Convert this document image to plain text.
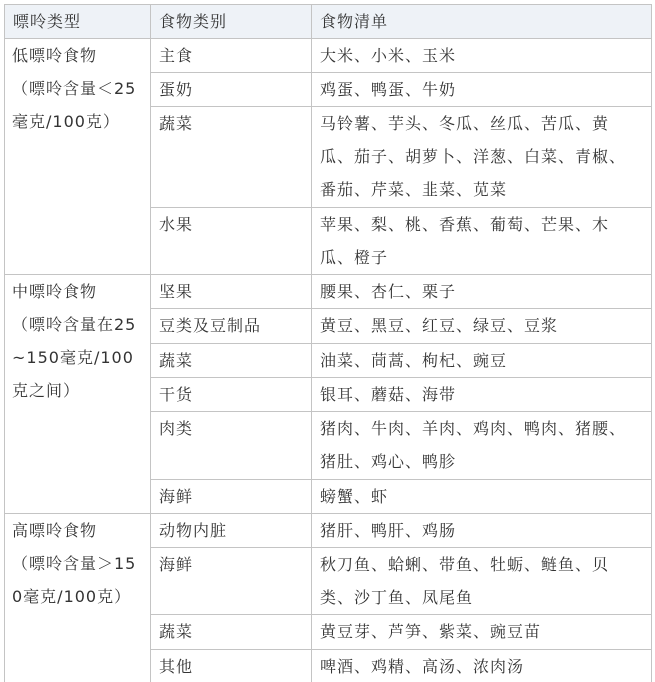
嘌呤类型	食物类别	食物清单

低嘌呤食物
（嘌呤含量＜25
毫克/100克）	主食	大米、小米、玉米

	蛋奶	鸡蛋、鸭蛋、牛奶

	蔬菜	马铃薯、芋头、冬瓜、丝瓜、苦瓜、黄
瓜、茄子、胡萝卜、洋葱、白菜、青椒、
番茄、芹菜、韭菜、苋菜

	水果	苹果、梨、桃、香蕉、葡萄、芒果、木
瓜、橙子

中嘌呤食物
（嘌呤含量在25
~150毫克/100
克之间）	坚果	腰果、杏仁、栗子

	豆类及豆制品	黄豆、黑豆、红豆、绿豆、豆浆

	蔬菜	油菜、茼蒿、枸杞、豌豆

	干货	银耳、蘑菇、海带

	肉类	猪肉、牛肉、羊肉、鸡肉、鸭肉、猪腰、
猪肚、鸡心、鸭胗

	海鲜	螃蟹、虾

高嘌呤食物
（嘌呤含量＞15
0毫克/100克）	动物内脏	猪肝、鸭肝、鸡肠

	海鲜	秋刀鱼、蛤蜊、带鱼、牡蛎、鲢鱼、贝
类、沙丁鱼、凤尾鱼

	蔬菜	黄豆芽、芦笋、紫菜、豌豆苗

	其他	啤酒、鸡精、高汤、浓肉汤
